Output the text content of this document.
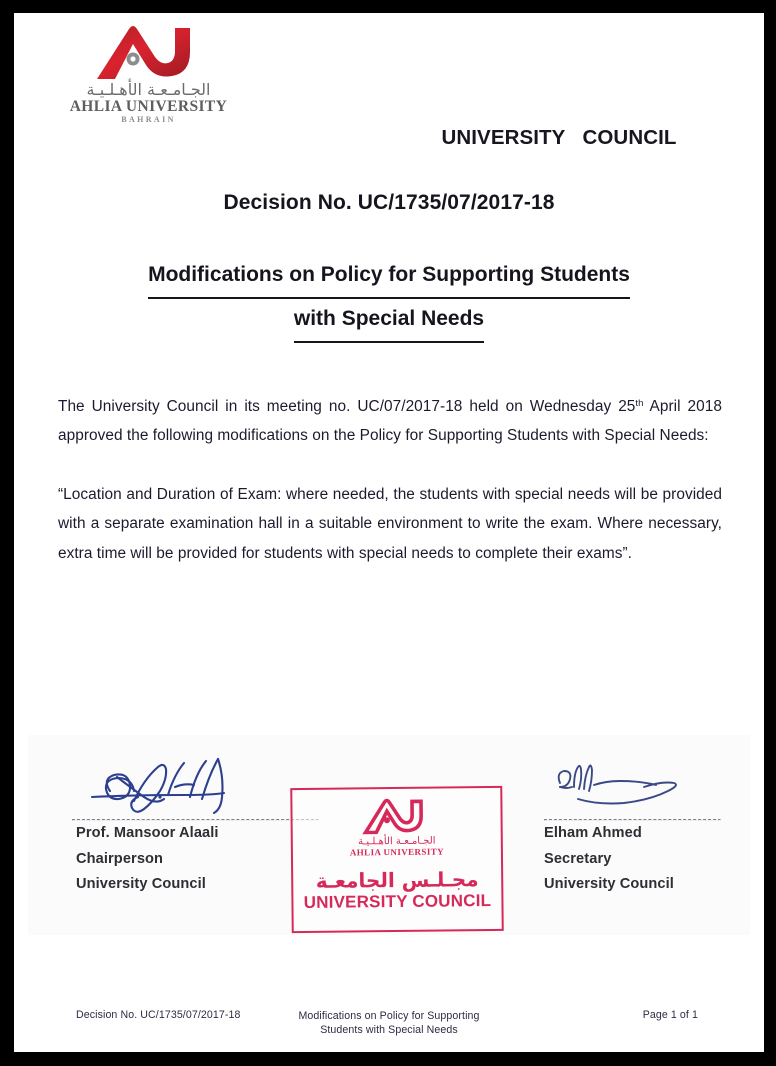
الجـامـعـة الأهـلـيـة
AHLIA UNIVERSITY
BAHRAIN
UNIVERSITY   COUNCIL
Decision No. UC/1735/07/2017-18
Modifications on Policy for Supporting Students
with Special Needs

The University Council in its meeting no. UC/07/2017-18 held on Wednesday 25th April 2018 approved the following modifications on the Policy for Supporting Students with Special Needs:

“Location and Duration of Exam: where needed, the students with special needs will be provided with a separate examination hall in a suitable environment to write the exam. Where necessary, extra time will be provided for students with special needs to complete their exams”.

Prof. Mansoor Alaali
Chairperson
University Council
Elham Ahmed
Secretary
University Council
الجـامـعـة الأهـلـيـة
AHLIA UNIVERSITY
مجـلـس الجامعـة
UNIVERSITY COUNCIL
Decision No. UC/1735/07/2017-18	Modifications on Policy for Supporting
Students with Special Needs
Page 1 of 1
